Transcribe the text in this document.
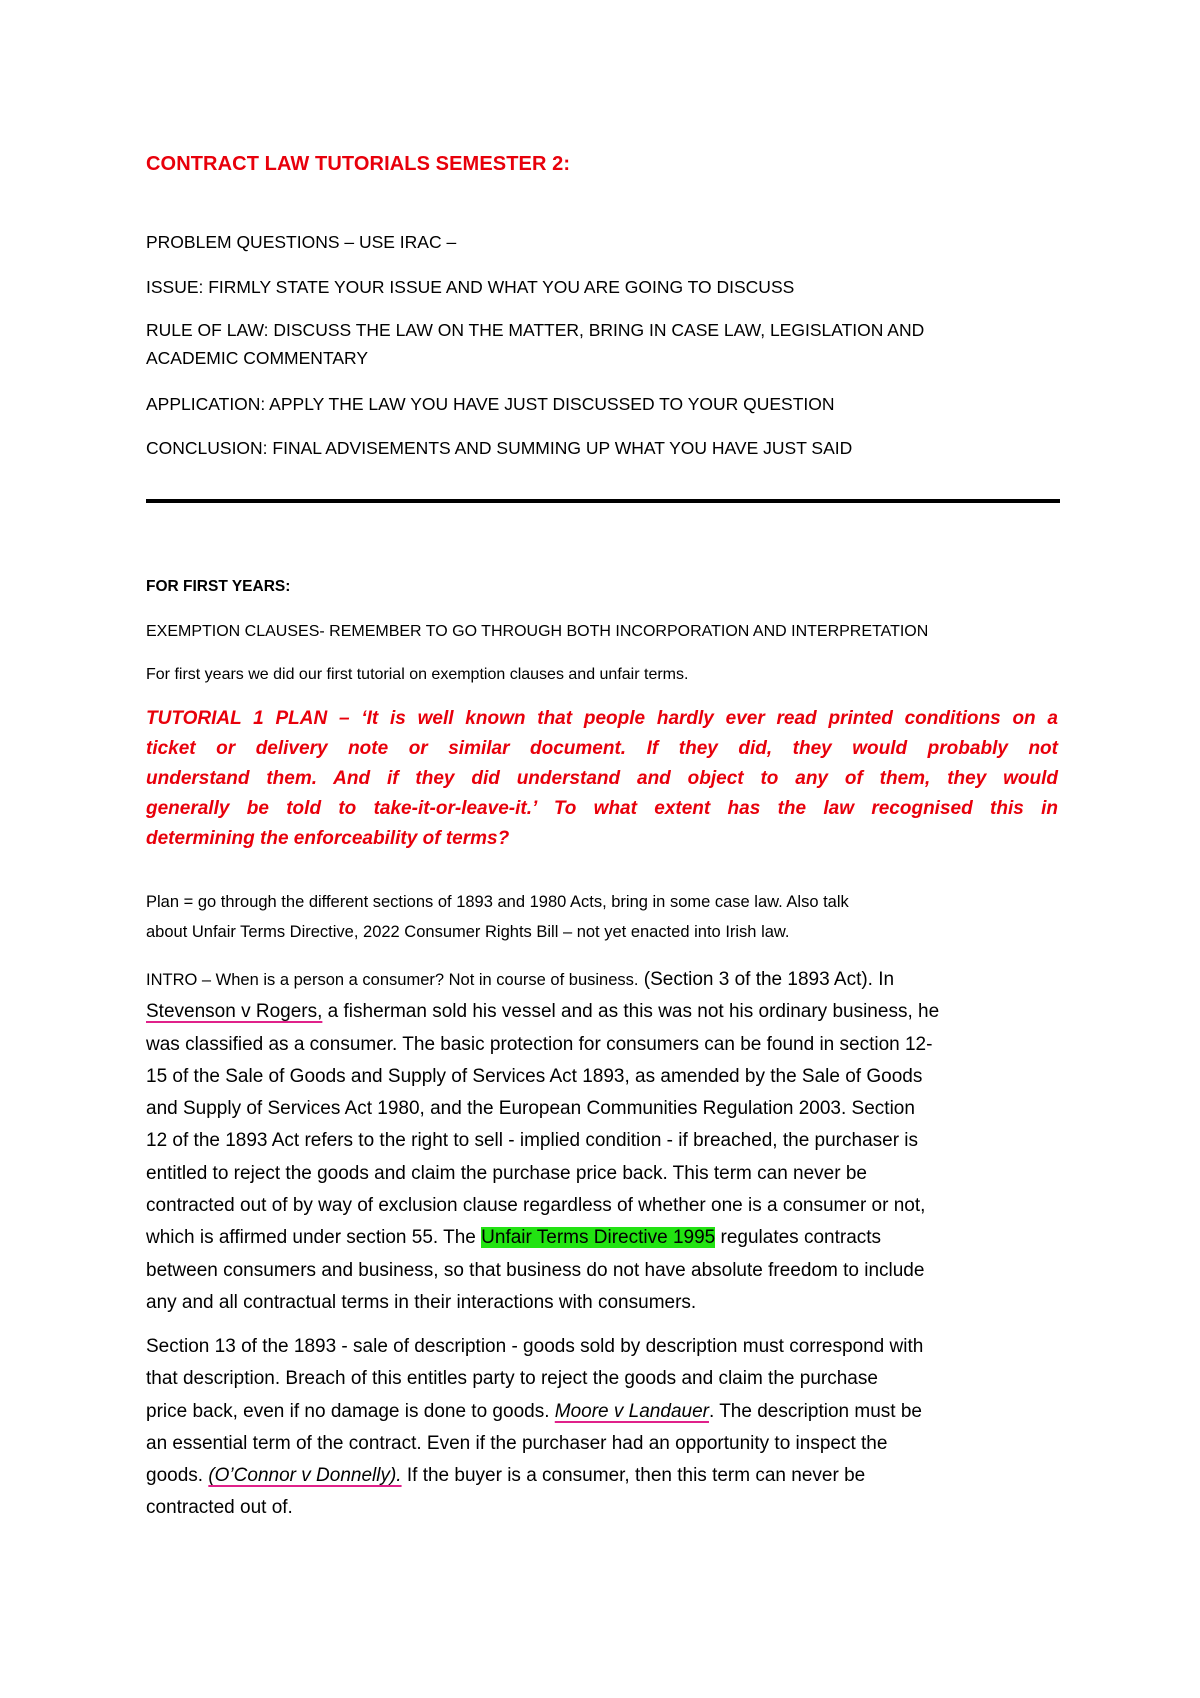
CONTRACT LAW TUTORIALS SEMESTER 2:

PROBLEM QUESTIONS – USE IRAC –

ISSUE: FIRMLY STATE YOUR ISSUE AND WHAT YOU ARE GOING TO DISCUSS

RULE OF LAW: DISCUSS THE LAW ON THE MATTER, BRING IN CASE LAW, LEGISLATION AND
ACADEMIC COMMENTARY

APPLICATION: APPLY THE LAW YOU HAVE JUST DISCUSSED TO YOUR QUESTION

CONCLUSION: FINAL ADVISEMENTS AND SUMMING UP WHAT YOU HAVE JUST SAID

FOR FIRST YEARS:

EXEMPTION CLAUSES- REMEMBER TO GO THROUGH BOTH INCORPORATION AND INTERPRETATION

For first years we did our first tutorial on exemption clauses and unfair terms.

TUTORIAL 1 PLAN – ‘It is well known that people hardly ever read printed conditions on a
ticket or delivery note or similar document. If they did, they would probably not
understand them. And if they did understand and object to any of them, they would
generally be told to take-it-or-leave-it.’ To what extent has the law recognised this in
determining the enforceability of terms?
Plan = go through the different sections of 1893 and 1980 Acts, bring in some case law. Also talk
about Unfair Terms Directive, 2022 Consumer Rights Bill – not yet enacted into Irish law.
INTRO – When is a person a consumer? Not in course of business. (Section 3 of the 1893 Act). In
Stevenson v Rogers, a fisherman sold his vessel and as this was not his ordinary business, he
was classified as a consumer. The basic protection for consumers can be found in section 12-
15 of the Sale of Goods and Supply of Services Act 1893, as amended by the Sale of Goods
and Supply of Services Act 1980, and the European Communities Regulation 2003. Section
12 of the 1893 Act refers to the right to sell - implied condition - if breached, the purchaser is
entitled to reject the goods and claim the purchase price back. This term can never be
contracted out of by way of exclusion clause regardless of whether one is a consumer or not,
which is affirmed under section 55. The Unfair Terms Directive 1995 regulates contracts
between consumers and business, so that business do not have absolute freedom to include
any and all contractual terms in their interactions with consumers.
Section 13 of the 1893 - sale of description - goods sold by description must correspond with
that description. Breach of this entitles party to reject the goods and claim the purchase
price back, even if no damage is done to goods. Moore v Landauer. The description must be
an essential term of the contract. Even if the purchaser had an opportunity to inspect the
goods. (O’Connor v Donnelly). If the buyer is a consumer, then this term can never be
contracted out of.
